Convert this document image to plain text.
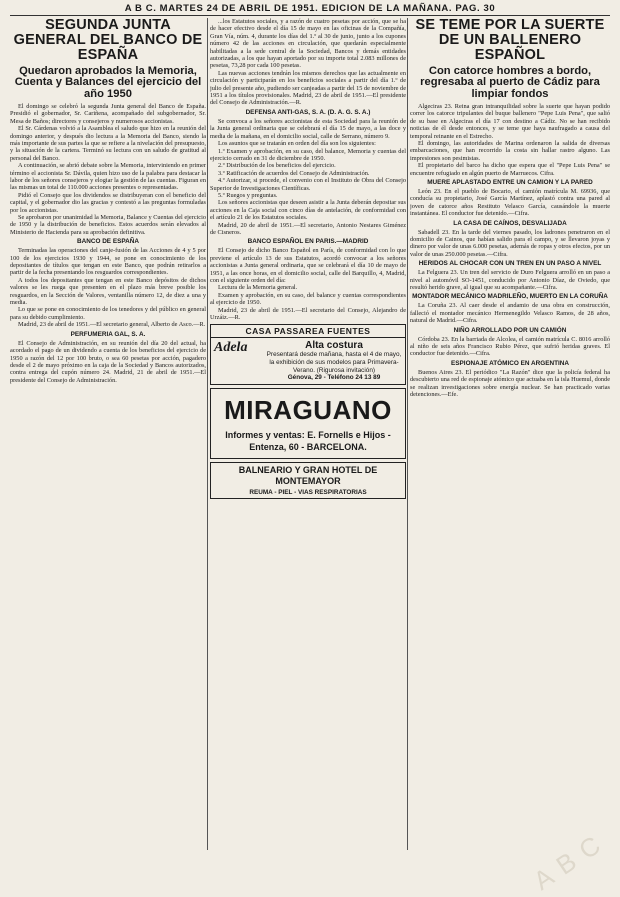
A B C. MARTES 24 DE ABRIL DE 1951. EDICION DE LA MAÑANA. PAG. 30
SEGUNDA JUNTA GENERAL DEL BANCO DE ESPAÑA
Quedaron aprobados la Memoria, Cuenta y Balances del ejercicio del año 1950

El domingo se celebró la segunda Junta general del Banco de España. Presidió el gobernador, Sr. Cariñena, acompañado del subgobernador, Sr. Mesa de Baños; directores y consejeros y numerosos accionistas.

El Sr. Cárdenas volvió a la Asamblea el saludo que hizo en la reunión del domingo anterior, y después dio lectura a la Memoria del Banco, siendo la más importante de sus partes la que se refiere a la nivelación del presupuesto, y la situación de la cartera. Terminó su lectura con un saludo de gratitud al personal del Banco.

A continuación, se abrió debate sobre la Memoria, interviniendo en primer término el accionista Sr. Dávila, quien hizo uso de la palabra para destacar la labor de los señores consejeros y elogiar la gestión de las cuentas. Figuran en las mismas un total de 110.000 acciones presentes o representadas.

Pidió el Consejo que los dividendos se distribuyeran con el beneficio del capital, y el gobernador dio las gracias y contestó a las preguntas formuladas por los accionistas.

Se aprobaron por unanimidad la Memoria, Balance y Cuentas del ejercicio de 1950 y la distribución de beneficios. Estos acuerdos serán elevados al Ministerio de Hacienda para su aprobación definitiva.

BANCO DE ESPAÑA

Terminadas las operaciones del canje-fusión de las Acciones de 4 y 5 por 100 de los ejercicios 1930 y 1944, se pone en conocimiento de los depositantes de títulos que tengan en este Banco, que podrán retirarlos a partir de la fecha presentando los resguardos correspondientes.

A todos los depositantes que tengan en este Banco depósitos de dichos valores se les ruega que presenten en el plazo más breve posible los resguardos, en la Sección de Valores, ventanilla número 12, de diez a una y media.

Lo que se pone en conocimiento de los tenedores y del público en general para su debido cumplimiento.

Madrid, 23 de abril de 1951.—El secretario general, Alberto de Asco.—R.

PERFUMERIA GAL, S. A.

El Consejo de Administración, en su reunión del día 20 del actual, ha acordado el pago de un dividendo a cuenta de los beneficios del ejercicio de 1950 a razón del 12 por 100 bruto, o sea 60 pesetas por acción, pagadero desde el 2 de mayo próximo en la caja de la Sociedad y Bancos autorizados, contra entrega del cupón número 24. Madrid, 21 de abril de 1951.—El presidente del Consejo de Administración.

...los Estatutos sociales, y a razón de cuatro pesetas por acción, que se ha de hacer efectivo desde el día 15 de mayo en las oficinas de la Compañía, Gran Vía, núm. 4, durante los días del 1.º al 30 de junio, junto a los cupones número 42 de las acciones en circulación, que quedarán especialmente habilitadas a la sede central de la Sociedad, Bancos y demás entidades autorizadas, a los que hayan aportado por su importe total 2.083 millones de pesetas, 73,28 por cada 100 pesetas.

Las nuevas acciones tendrán los mismos derechos que las actualmente en circulación y participarán en los beneficios sociales a partir del día 1.º de julio del presente año, pudiendo ser canjeadas a partir del 15 de noviembre de 1951 a los títulos provisionales. Madrid, 23 de abril de 1951.—El presidente del Consejo de Administración.—R.

DEFENSA ANTI-GAS, S. A. (D. A. G. S. A.)

Se convoca a los señores accionistas de esta Sociedad para la reunión de la Junta general ordinaria que se celebrará el día 15 de mayo, a las doce y media de la mañana, en el domicilio social, calle de Serrano, número 9.

Los asuntos que se tratarán en orden del día son los siguientes:

1.º Examen y aprobación, en su caso, del balance, Memoria y cuentas del ejercicio cerrado en 31 de diciembre de 1950.

2.º Distribución de los beneficios del ejercicio.

3.º Ratificación de acuerdos del Consejo de Administración.

4.º Autorizar, si procede, el convenio con el Instituto de Obra del Consejo Superior de Investigaciones Científicas.

5.º Ruegos y preguntas.

Los señores accionistas que deseen asistir a la Junta deberán depositar sus acciones en la Caja social con cinco días de antelación, de conformidad con el artículo 21 de los Estatutos sociales.

Madrid, 20 de abril de 1951.—El secretario, Antonio Nestares Giménez de Cisneros.

BANCO ESPAÑOL EN PARIS.—MADRID

El Consejo de dicho Banco Español en París, de conformidad con lo que previene el artículo 13 de sus Estatutos, acordó convocar a los señores accionistas a Junta general ordinaria, que se celebrará el día 10 de mayo de 1951, a las once horas, en el domicilio social, calle del Barquillo, 4, Madrid, con el siguiente orden del día:

Lectura de la Memoria general.

Examen y aprobación, en su caso, del balance y cuentas correspondientes al ejercicio de 1950.

Madrid, 23 de abril de 1951.—El secretario del Consejo, Alejandro de Urzáiz.—R.

CASA PASSAREA FUENTES
Adela	Alta costura
Presentará desde mañana, hasta el 4 de mayo, la exhibición de sus modelos para Primavera-Verano. (Rigurosa invitación)
Génova, 29 - Teléfono 24 13 89
MIRAGUANO
Informes y ventas: E. Fornells e Hijos - Entenza, 60 - BARCELONA.
BALNEARIO Y GRAN HOTEL DE MONTEMAYOR
REUMA - PIEL - VIAS RESPIRATORIAS
SE TEME POR LA SUERTE DE UN BALLENERO ESPAÑOL
Con catorce hombres a bordo, regresaba al puerto de Cádiz para limpiar fondos

Algeciras 23. Reina gran intranquilidad sobre la suerte que hayan podido correr los catorce tripulantes del buque ballenero "Pepe Luis Pena", que salió de su base en Algeciras el día 17 con destino a Cádiz. No se han recibido noticias de él desde entonces, y se teme que haya naufragado a causa del temporal reinante en el Estrecho.

El domingo, las autoridades de Marina ordenaron la salida de diversas embarcaciones, que han recorrido la costa sin hallar rastro alguno. Las impresiones son pesimistas.

El propietario del barco ha dicho que espera que el "Pepe Luis Pena" se encuentre refugiado en algún puerto de Marruecos. Cifra.

MUERE APLASTADO ENTRE UN CAMION Y LA PARED

León 23. En el pueblo de Bocario, el camión matrícula M. 69936, que conducía su propietario, José García Martínez, aplastó contra una pared al joven de catorce años Restituto Velasco García, causándole la muerte instantánea. El conductor fue detenido.—Cifra.

LA CASA DE CAÍNOS, DESVALIJADA

Sabadell 23. En la tarde del viernes pasado, los ladrones penetraron en el domicilio de Cainos, que habían salido para el campo, y se llevaron joyas y dinero por valor de unas 6.000 pesetas, además de ropas y otros efectos, por un valor de unas 250.000 pesetas.—Cifra.

HERIDOS AL CHOCAR CON UN TREN EN UN PASO A NIVEL

La Felguera 23. Un tren del servicio de Duro Felguera arrolló en un paso a nivel al automóvil SO-1451, conducido por Antonio Díaz, de Oviedo, que resultó herido grave, al igual que su acompañante.—Cifra.

MONTADOR MECÁNICO MADRILEÑO, MUERTO EN LA CORUÑA

La Coruña 23. Al caer desde el andamio de una obra en construcción, falleció el montador mecánico Hermenegildo Velasco Ramos, de 28 años, natural de Madrid.—Cifra.

NIÑO ARROLLADO POR UN CAMIÓN

Córdoba 23. En la barriada de Alcolea, el camión matrícula C. 8016 arrolló al niño de seis años Francisco Rubio Pérez, que sufrió heridas graves. El conductor fue detenido.—Cifra.

ESPIONAJE ATÓMICO EN ARGENTINA

Buenos Aires 23. El periódico "La Razón" dice que la policía federal ha descubierto una red de espionaje atómico que actuaba en la isla Huemul, donde se realizan investigaciones sobre energía nuclear. Se han practicado varias detenciones.—Efe.

ABC
